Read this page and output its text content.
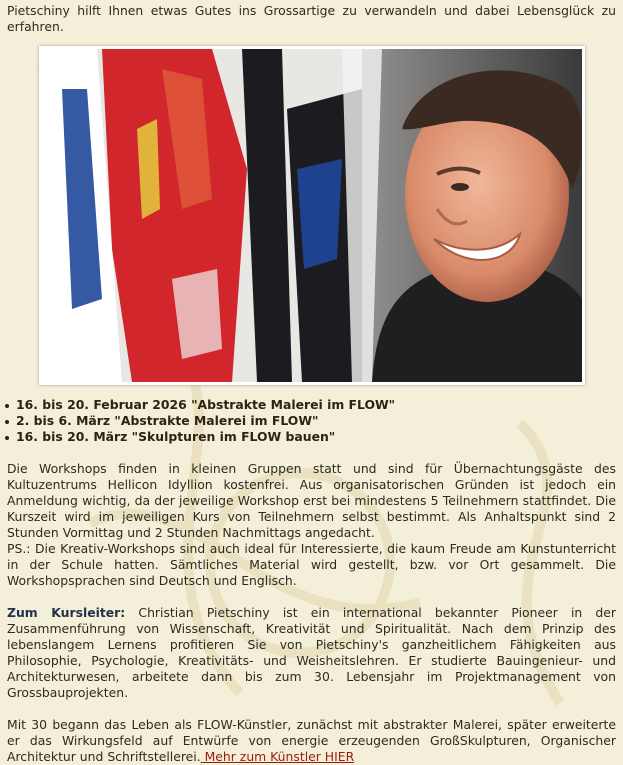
Pietschiny hilft Ihnen etwas Gutes ins Grossartige zu verwandeln und dabei Lebensglück zu erfahren.

16. bis 20. Februar 2026 "Abstrakte Malerei im FLOW"
2. bis 6. März "Abstrakte Malerei im FLOW"
16. bis 20. März "Skulpturen im FLOW bauen"

Die Workshops finden in kleinen Gruppen statt und sind für Übernachtungsgäste des Kultuzentrums Hellicon Idyllion kostenfrei. Aus organisatorischen Gründen ist jedoch ein Anmeldung wichtig, da der jeweilige Workshop erst bei mindestens 5 Teilnehmern stattfindet. Die Kurszeit wird im jeweiligen Kurs von Teilnehmern selbst bestimmt. Als Anhaltspunkt sind 2 Stunden Vormittag und 2 Stunden Nachmittags angedacht.

PS.: Die Kreativ-Workshops sind auch ideal für Interessierte, die kaum Freude am Kunstunterricht in der Schule hatten. Sämtliches Material wird gestellt, bzw. vor Ort gesammelt. Die Workshopsprachen sind Deutsch und Englisch.

Zum Kursleiter: Christian Pietschiny ist ein international bekannter Pioneer in der Zusammenführung von Wissenschaft, Kreativität und Spiritualität. Nach dem Prinzip des lebenslangem Lernens profitieren Sie von Pietschiny's ganzheitlichem Fähigkeiten aus Philosophie, Psychologie, Kreativitäts- und Weisheitslehren. Er studierte Bauingenieur- und Architekturwesen, arbeitete dann bis zum 30. Lebensjahr im Projektmanagement von Grossbauprojekten.

Mit 30 begann das Leben als FLOW-Künstler, zunächst mit abstrakter Malerei, später erweiterte er das Wirkungsfeld auf Entwürfe von energie erzeugenden GroßSkulpturen, Organischer Architektur und Schriftstellerei. Mehr zum Künstler HIER
